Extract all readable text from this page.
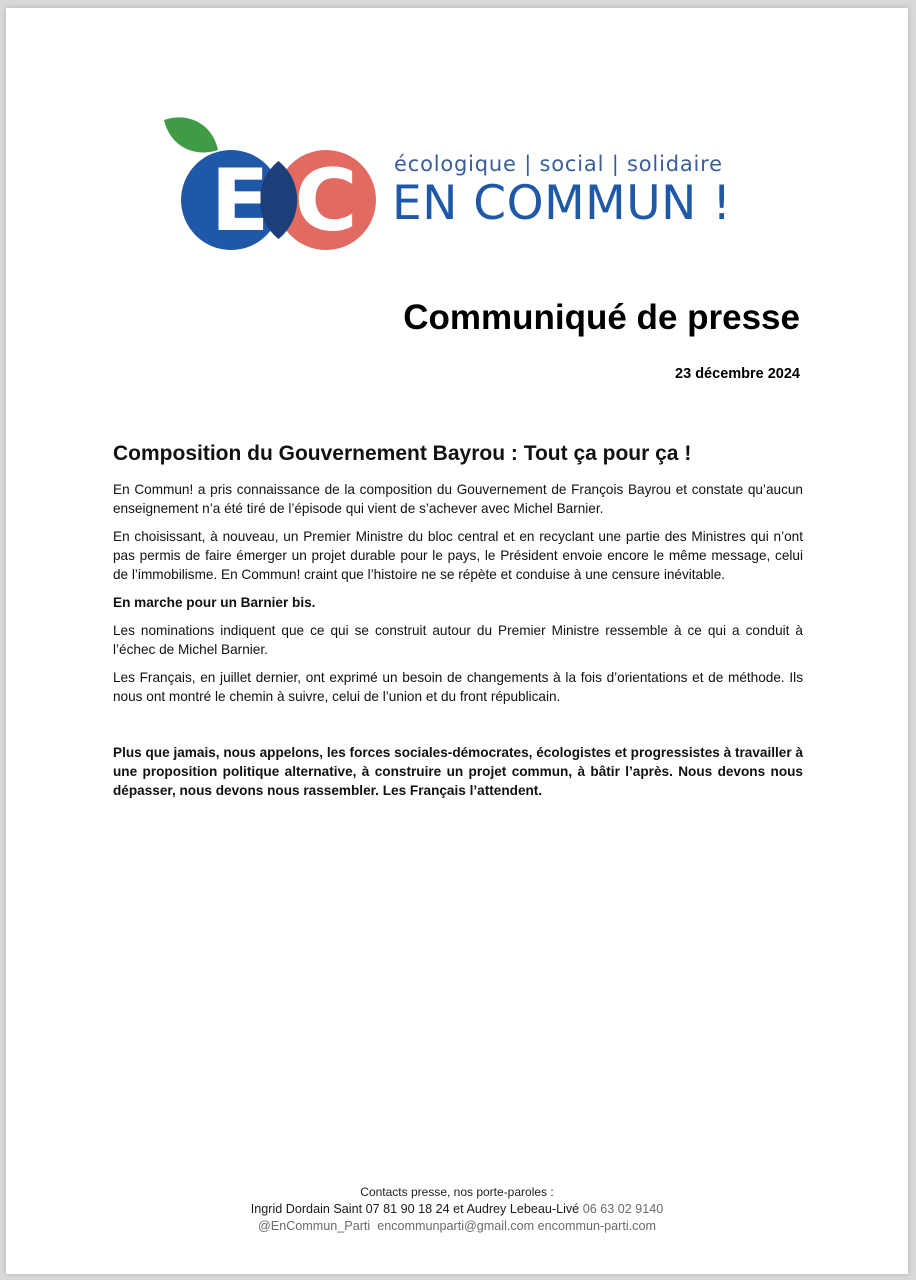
E C écologique | social | solidaire
EN COMMUN !
Communiqué de presse
23 décembre 2024
Composition du Gouvernement Bayrou : Tout ça pour ça !

En Commun! a pris connaissance de la composition du Gouvernement de François Bayrou et constate qu’aucun enseignement n’a été tiré de l’épisode qui vient de s’achever avec Michel Barnier.

En choisissant, à nouveau, un Premier Ministre du bloc central et en recyclant une partie des Ministres qui n’ont pas permis de faire émerger un projet durable pour le pays, le Président envoie encore le même message, celui de l’immobilisme. En Commun! craint que l’histoire ne se répète et conduise à une censure inévitable.

En marche pour un Barnier bis.

Les nominations indiquent que ce qui se construit autour du Premier Ministre ressemble à ce qui a conduit à l’échec de Michel Barnier.

Les Français, en juillet dernier, ont exprimé un besoin de changements à la fois d’orientations et de méthode. Ils nous ont montré le chemin à suivre, celui de l’union et du front républicain.

Plus que jamais, nous appelons, les forces sociales-démocrates, écologistes et progressistes à travailler à une proposition politique alternative, à construire un projet commun, à bâtir l’après. Nous devons nous dépasser, nous devons nous rassembler. Les Français l’attendent.

Contacts presse, nos porte-paroles :
Ingrid Dordain Saint 07 81 90 18 24 et Audrey Lebeau-Livé 06 63 02 9140
@EnCommun_Parti encommunparti@gmail.com encommun-parti.com
